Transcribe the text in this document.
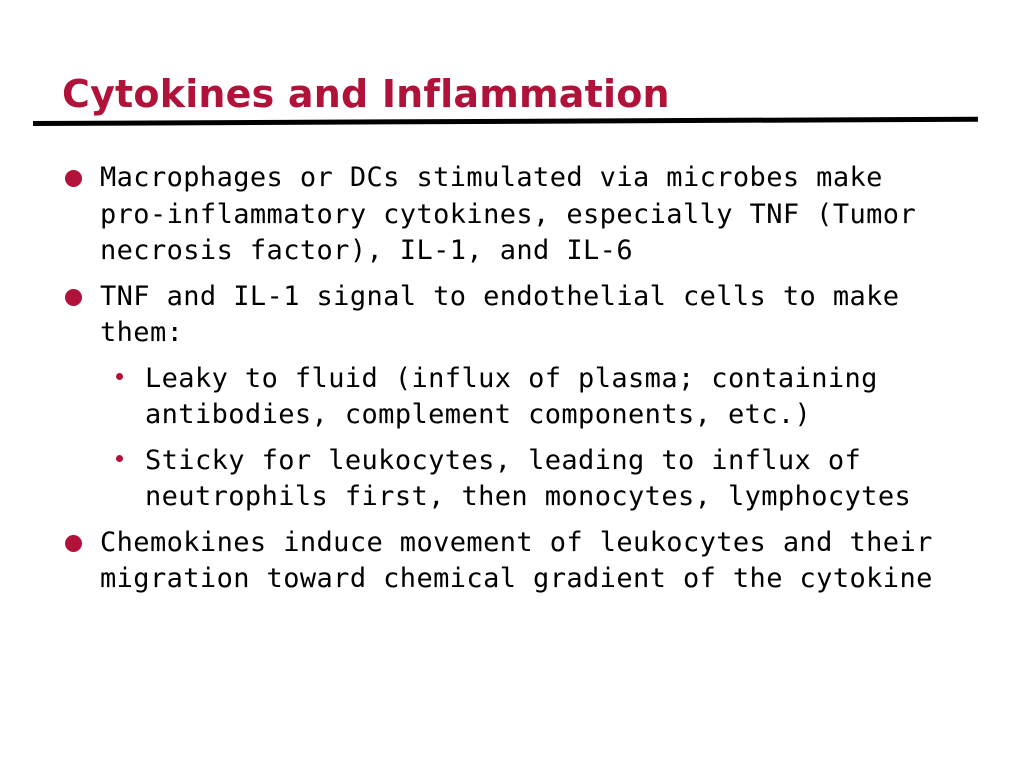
Cytokines and Inflammation
Macrophages or DCs stimulated via microbes make
pro-inflammatory cytokines, especially TNF (Tumor
necrosis factor), IL-1, and IL-6
TNF and IL-1 signal to endothelial cells to make
them:
Leaky to fluid (influx of plasma; containing
antibodies, complement components, etc.)
Sticky for leukocytes, leading to influx of
neutrophils first, then monocytes, lymphocytes
Chemokines induce movement of leukocytes and their
migration toward chemical gradient of the cytokine
